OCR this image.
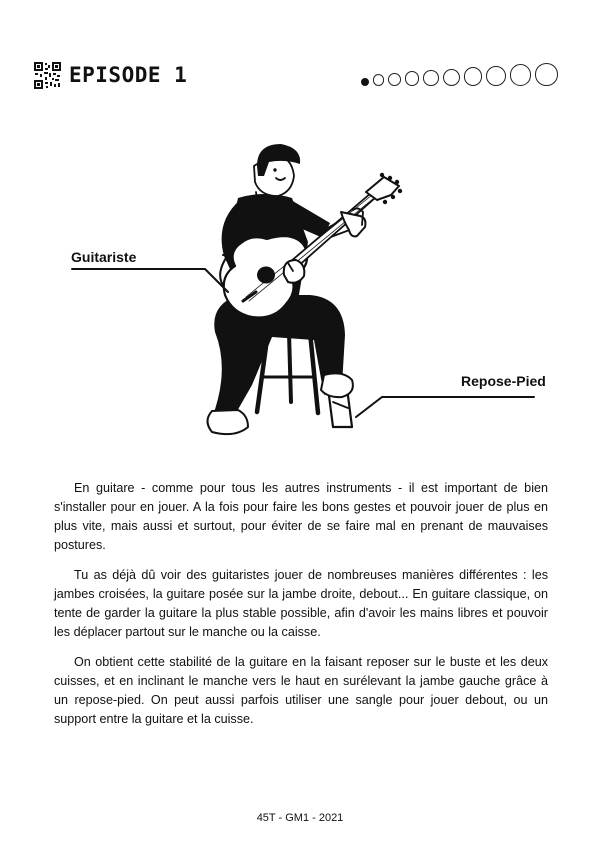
EPISODE 1
Guitariste
Repose-Pied

En guitare - comme pour tous les autres instruments - il est important de bien s'installer pour en jouer. A la fois pour faire les bons gestes et pouvoir jouer de plus en plus vite, mais aussi et surtout, pour éviter de se faire mal en prenant de mauvaises postures.

Tu as déjà dû voir des guitaristes jouer de nombreuses manières différentes : les jambes croisées, la guitare posée sur la jambe droite, debout... En guitare classique, on tente de garder la guitare la plus stable possible, afin d'avoir les mains libres et pouvoir les déplacer partout sur le manche ou la caisse.

On obtient cette stabilité de la guitare en la faisant reposer sur le buste et les deux cuisses, et en inclinant le manche vers le haut en surélevant la jambe gauche grâce à un repose-pied. On peut aussi parfois utiliser une sangle pour jouer debout, ou un support entre la guitare et la cuisse.

45T - GM1 - 2021
